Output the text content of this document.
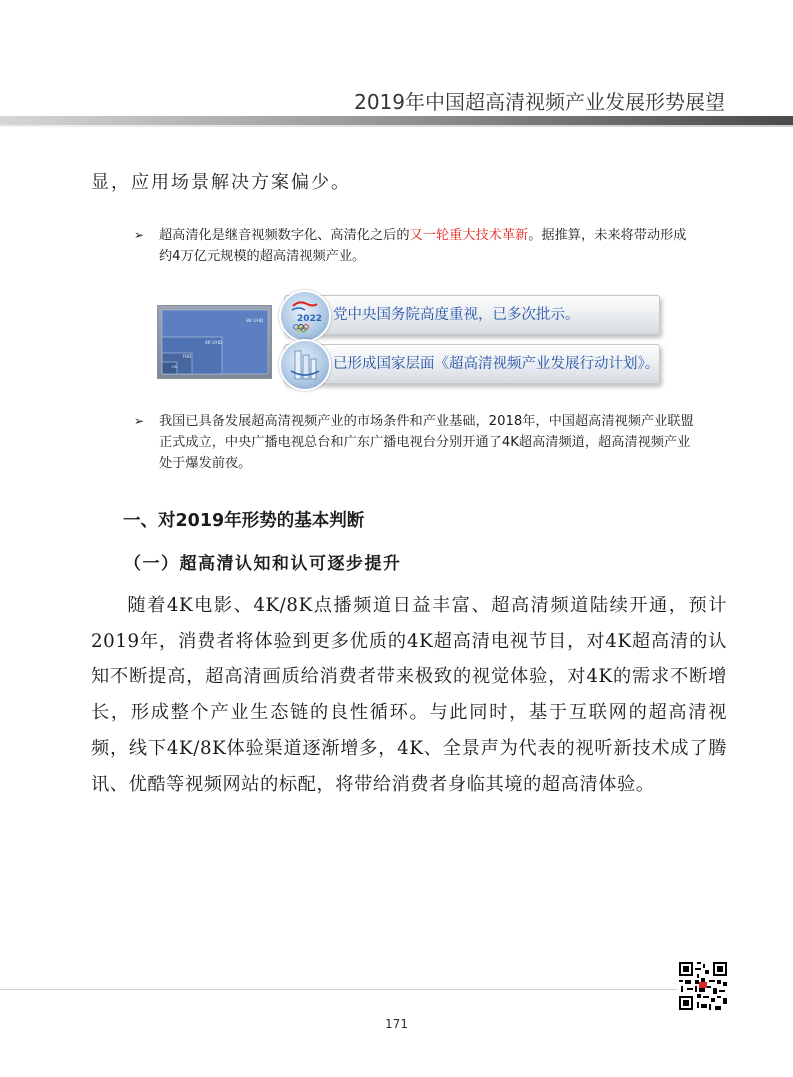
2019年中国超高清视频产业发展形势展望
显，应用场景解决方案偏少。
➢ 超高清化是继音视频数字化、高清化之后的又一轮重大技术革新。据推算，未来将带动形成约4万亿元规模的超高清视频产业。
8K UHD
4K UHD
FHD
HD
2022 党中央国务院高度重视，已多次批示。
已形成国家层面《超高清视频产业发展行动计划》。
➢ 我国已具备发展超高清视频产业的市场条件和产业基础，2018年，中国超高清视频产业联盟正式成立，中央广播电视总台和广东广播电视台分别开通了4K超高清频道，超高清视频产业处于爆发前夜。
一、对2019年形势的基本判断
（一）超高清认知和认可逐步提升
随着4K电影、4K/8K点播频道日益丰富、超高清频道陆续开通，预计2019年，消费者将体验到更多优质的4K超高清电视节目，对4K超高清的认知不断提高，超高清画质给消费者带来极致的视觉体验，对4K的需求不断增长，形成整个产业生态链的良性循环。与此同时，基于互联网的超高清视频，线下4K/8K体验渠道逐渐增多，4K、全景声为代表的视听新技术成了腾讯、优酷等视频网站的标配，将带给消费者身临其境的超高清体验。
171
